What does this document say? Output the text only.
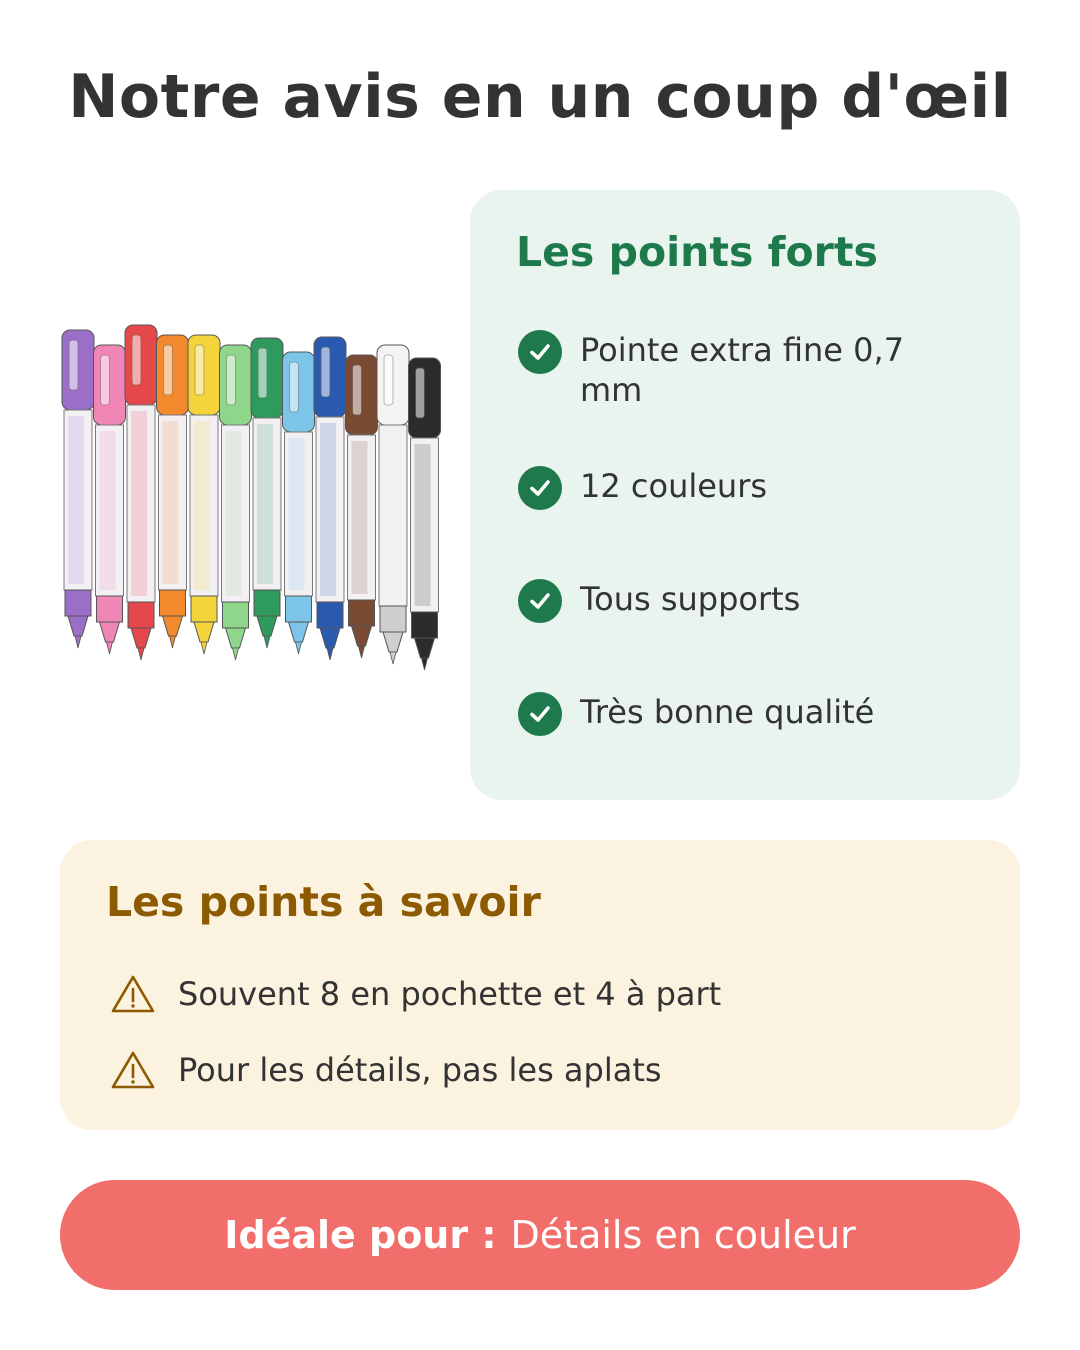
Notre avis en un coup d'œil
Les points forts
Pointe extra fine 0,7 mm
12 couleurs
Tous supports
Très bonne qualité
Les points à savoir
Souvent 8 en pochette et 4 à part
Pour les détails, pas les aplats
Idéale pour : Détails en couleur
